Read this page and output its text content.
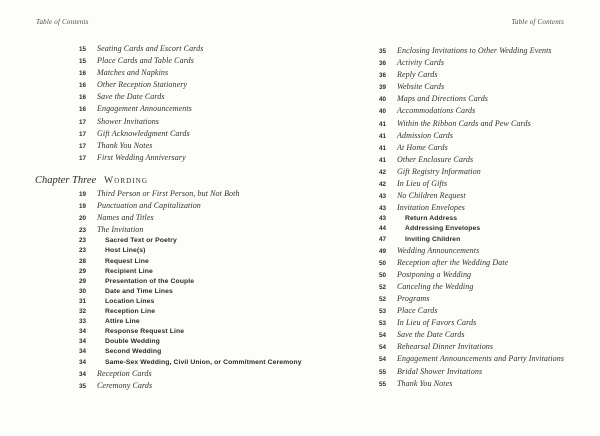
Table of Contents
15 Seating Cards and Escort Cards
15 Place Cards and Table Cards
16 Matches and Napkins
16 Other Reception Stationery
16 Save the Date Cards
16 Engagement Announcements
17 Shower Invitations
17 Gift Acknowledgment Cards
17 Thank You Notes
17 First Wedding Anniversary
Chapter Three Wording
19 Third Person or First Person, but Not Both
19 Punctuation and Capitalization
20 Names and Titles
23 The Invitation
23	Sacred Text or Poetry
23	Host Line(s)
28	Request Line
29	Recipient Line
29	Presentation of the Couple
30	Date and Time Lines
31	Location Lines
32	Reception Line
33	Attire Line
34	Response Request Line
34	Double Wedding
34	Second Wedding
34	Same-Sex Wedding, Civil Union, or Commitment Ceremony
34 Reception Cards
35 Ceremony Cards
Table of Contents
35 Enclosing Invitations to Other Wedding Events
36 Activity Cards
36 Reply Cards
39 Website Cards
40 Maps and Directions Cards
40 Accommodations Cards
41 Within the Ribbon Cards and Pew Cards
41 Admission Cards
41 At Home Cards
41 Other Enclosure Cards
42 Gift Registry Information
42 In Lieu of Gifts
43 No Children Request
43 Invitation Envelopes
43	Return Address
44	Addressing Envelopes
47	Inviting Children
49 Wedding Announcements
50 Reception after the Wedding Date
50 Postponing a Wedding
52 Canceling the Wedding
52 Programs
53 Place Cards
53 In Lieu of Favors Cards
54 Save the Date Cards
54 Rehearsal Dinner Invitations
54 Engagement Announcements and Party Invitations
55 Bridal Shower Invitations
55 Thank You Notes
